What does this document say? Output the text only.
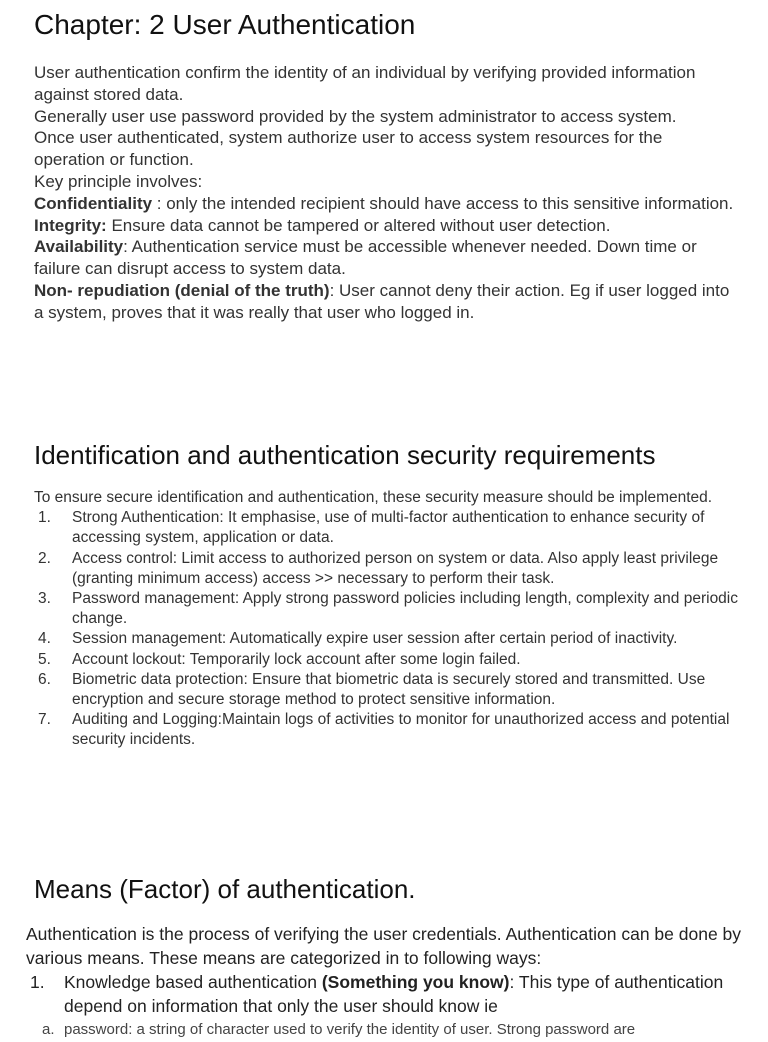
Chapter: 2 User Authentication

User authentication confirm the identity of an individual by verifying provided information against stored data.

Generally user use password provided by the system administrator to access system.

Once user authenticated, system authorize user to access system resources for the operation or function.

Key principle involves:

Confidentiality : only the intended recipient should have access to this sensitive information.

Integrity: Ensure data cannot be tampered or altered without user detection.

Availability: Authentication service must be accessible whenever needed. Down time or failure can disrupt access to system data.

Non- repudiation (denial of the truth): User cannot deny their action. Eg if user logged into a system, proves that it was really that user who logged in.

Identification and authentication security requirements

To ensure secure identification and authentication, these security measure should be implemented.

1.	Strong Authentication: It emphasise, use of multi-factor authentication to enhance security of accessing system, application or data.
2.	Access control: Limit access to authorized person on system or data. Also apply least privilege (granting minimum access) access >> necessary to perform their task.
3.	Password management: Apply strong password policies including length, complexity and periodic change.
4.	Session management: Automatically expire user session after certain period of inactivity.
5.	Account lockout: Temporarily lock account after some login failed.
6.	Biometric data protection: Ensure that biometric data is securely stored and transmitted. Use encryption and secure storage method to protect sensitive information.
7.	Auditing and Logging:Maintain logs of activities to monitor for unauthorized access and potential security incidents.
Means (Factor) of authentication.

Authentication is the process of verifying the user credentials. Authentication can be done by various means. These means are categorized in to following ways:

1. Knowledge based authentication (Something you know): This type of authentication depend on information that only the user should know ie
a. password: a string of character used to verify the identity of user. Strong password are
